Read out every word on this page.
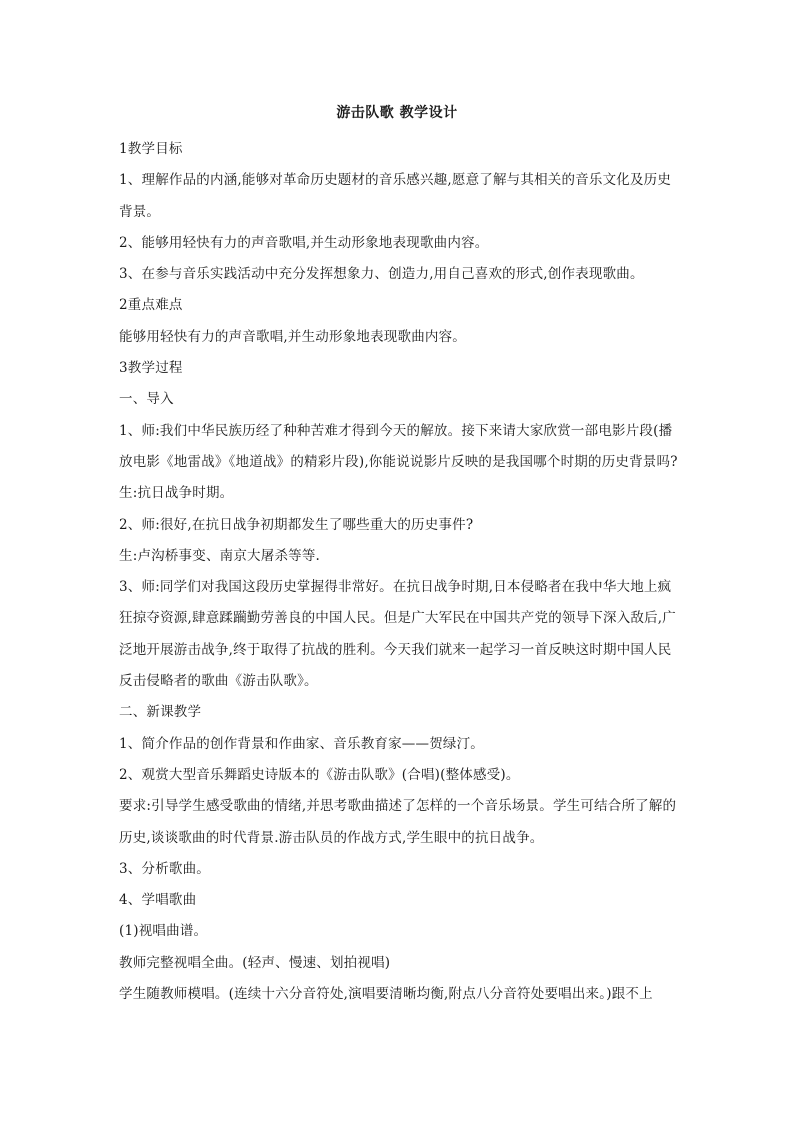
游击队歌 教学设计

1教学目标

1、理解作品的内涵,能够对革命历史题材的音乐感兴趣,愿意了解与其相关的音乐文化及历史背景。

2、能够用轻快有力的声音歌唱,并生动形象地表现歌曲内容。

3、在参与音乐实践活动中充分发挥想象力、创造力,用自己喜欢的形式,创作表现歌曲。

2重点难点

能够用轻快有力的声音歌唱,并生动形象地表现歌曲内容。

3教学过程

一、导入

1、师:我们中华民族历经了种种苦难才得到今天的解放。接下来请大家欣赏一部电影片段(播放电影《地雷战》《地道战》的精彩片段),你能说说影片反映的是我国哪个时期的历史背景吗?

生:抗日战争时期。

2、师:很好,在抗日战争初期都发生了哪些重大的历史事件?

生:卢沟桥事变、南京大屠杀等等.

3、师:同学们对我国这段历史掌握得非常好。在抗日战争时期,日本侵略者在我中华大地上疯狂掠夺资源,肆意蹂躏勤劳善良的中国人民。但是广大军民在中国共产党的领导下深入敌后,广泛地开展游击战争,终于取得了抗战的胜利。今天我们就来一起学习一首反映这时期中国人民反击侵略者的歌曲《游击队歌》。

二、新课教学

1、简介作品的创作背景和作曲家、音乐教育家——贺绿汀。

2、观赏大型音乐舞蹈史诗版本的《游击队歌》(合唱)(整体感受)。

要求:引导学生感受歌曲的情绪,并思考歌曲描述了怎样的一个音乐场景。学生可结合所了解的历史,谈谈歌曲的时代背景.游击队员的作战方式,学生眼中的抗日战争。

3、分析歌曲。

4、学唱歌曲

(1)视唱曲谱。

教师完整视唱全曲。(轻声、慢速、划拍视唱)

学生随教师模唱。(连续十六分音符处,演唱要清晰均衡,附点八分音符处要唱出来。)跟不上
